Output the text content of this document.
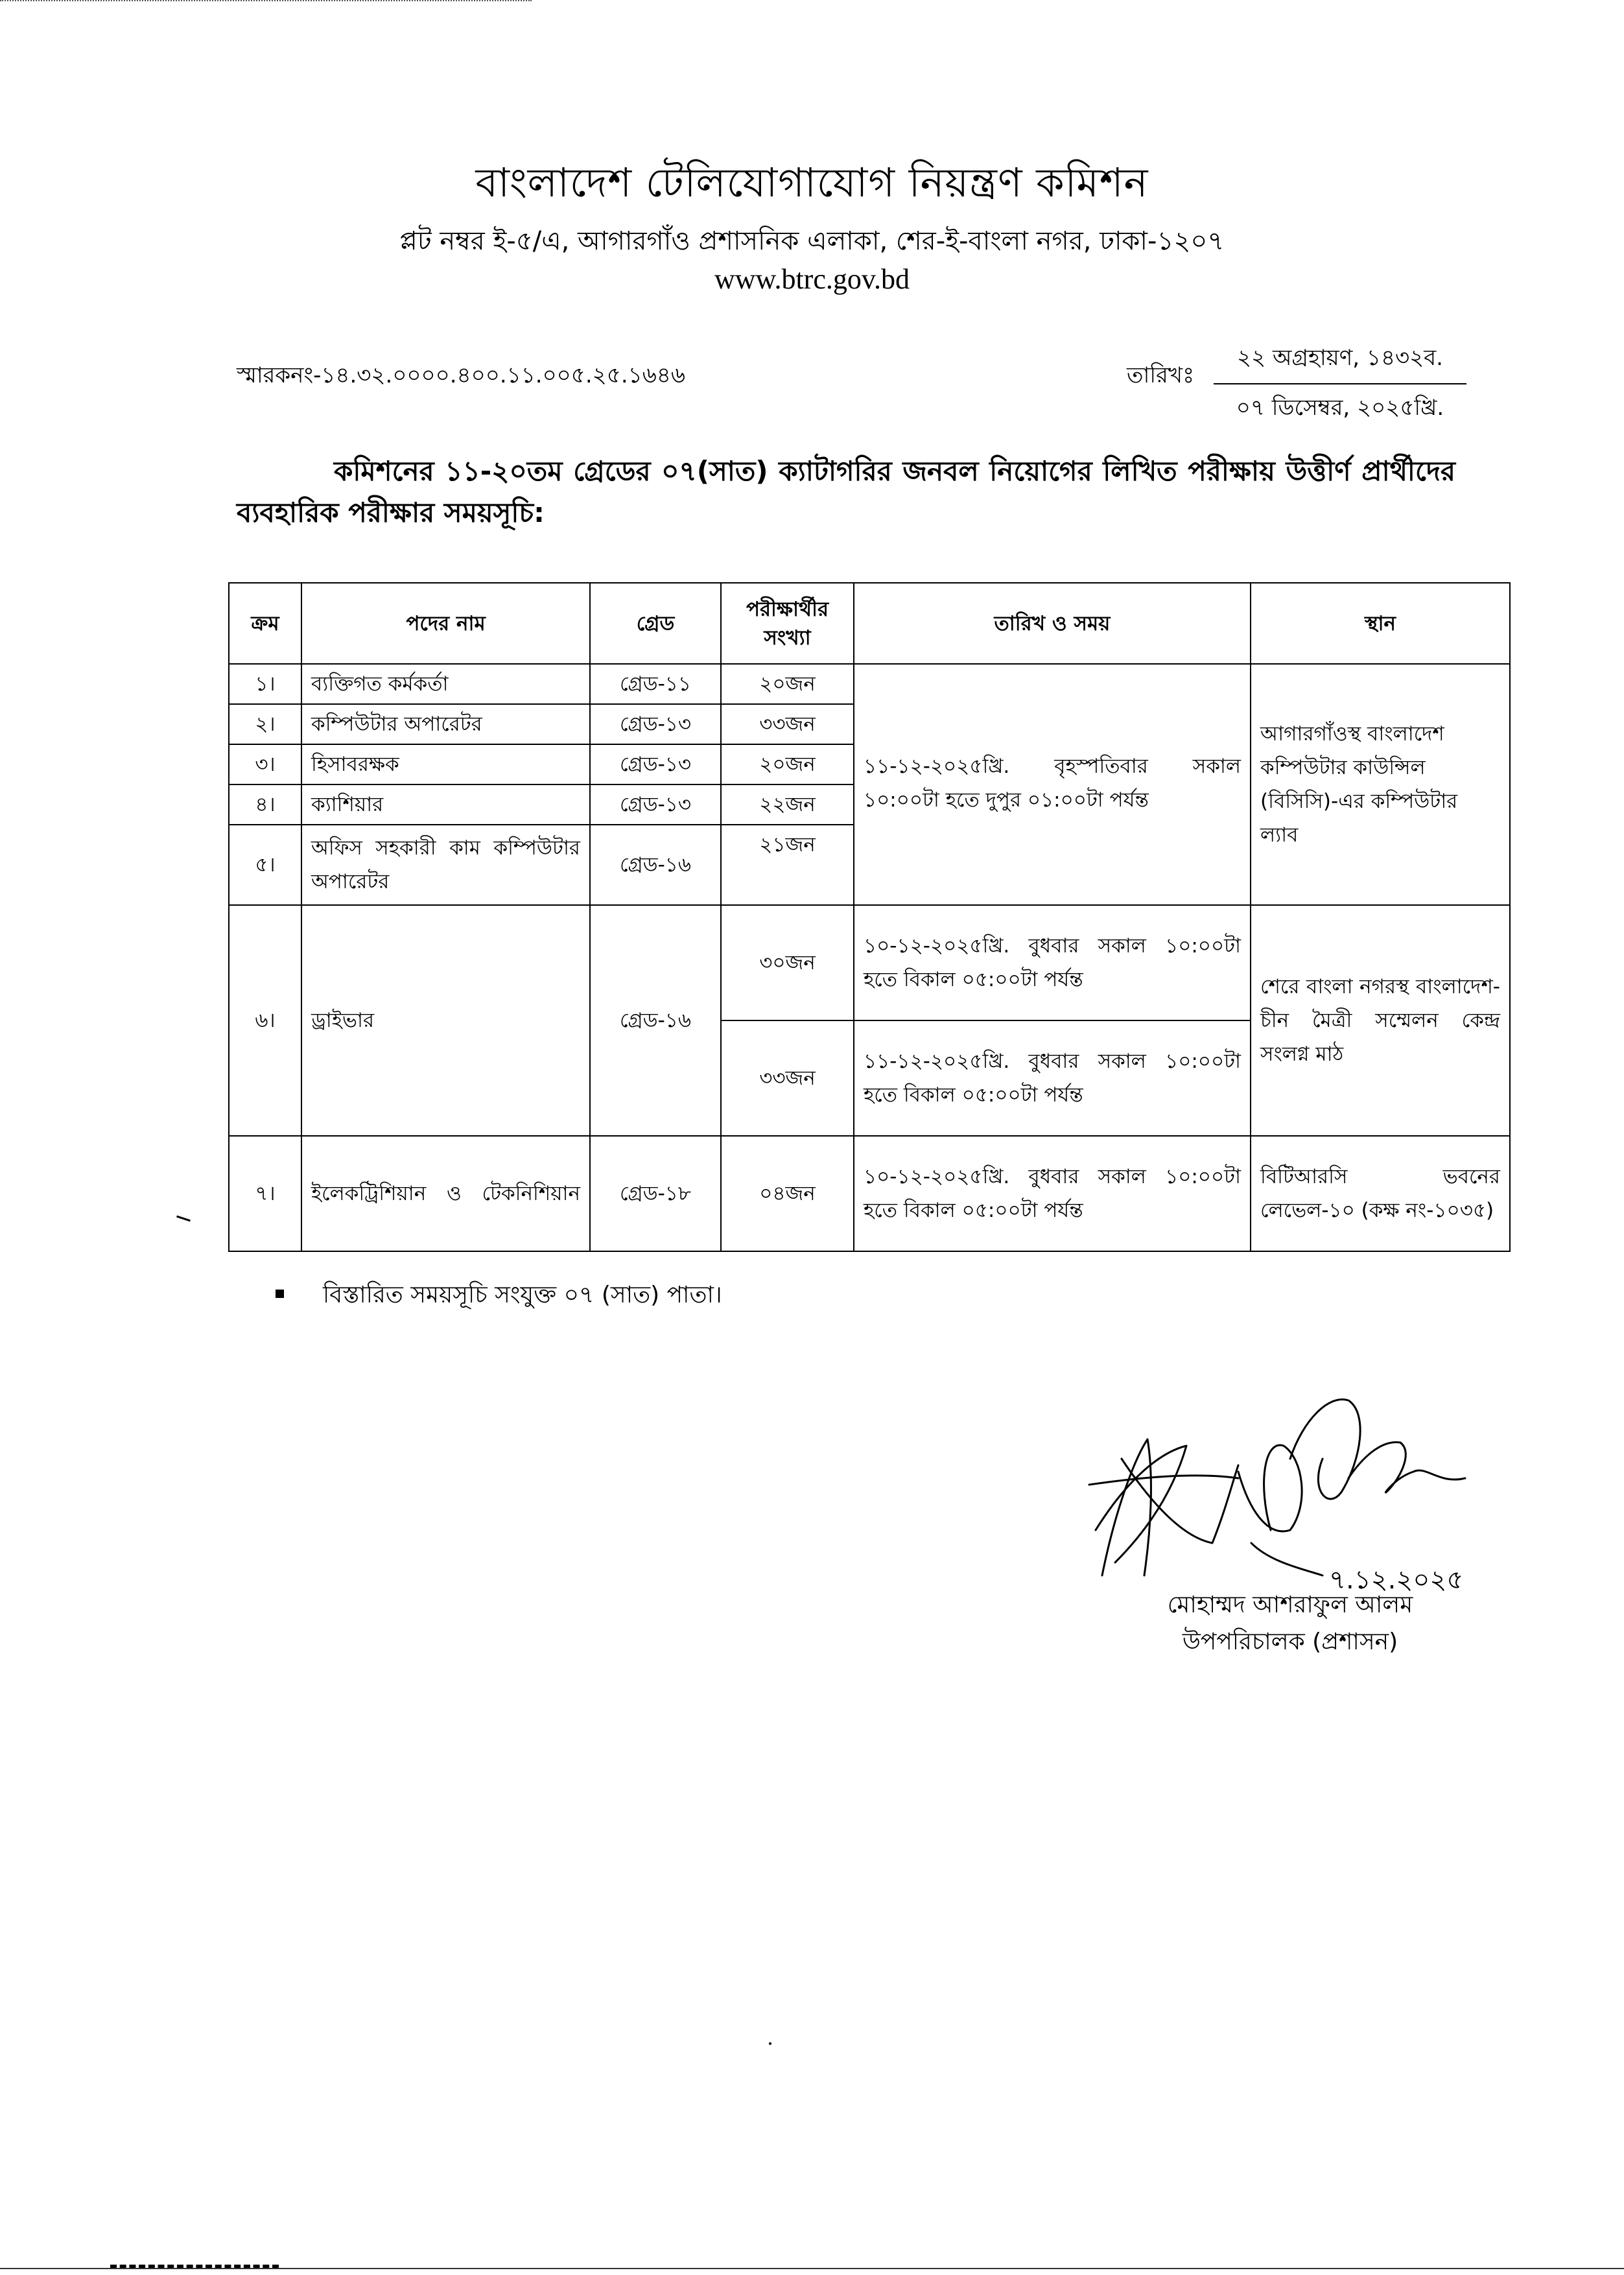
বাংলাদেশ টেলিযোগাযোগ নিয়ন্ত্রণ কমিশন
প্লট নম্বর ই-৫/এ, আগারগাঁও প্রশাসনিক এলাকা, শের-ই-বাংলা নগর, ঢাকা-১২০৭
www.btrc.gov.bd
স্মারকনং-১৪.৩২.০০০০.৪০০.১১.০০৫.২৫.১৬৪৬	তারিখঃ
২২ অগ্রহায়ণ, ১৪৩২ব.
০৭ ডিসেম্বর, ২০২৫খ্রি.
কমিশনের ১১-২০তম গ্রেডের ০৭(সাত) ক্যাটাগরির জনবল নিয়োগের লিখিত পরীক্ষায় উত্তীর্ণ প্রার্থীদের ব্যবহারিক পরীক্ষার সময়সূচি:
ক্রম	পদের নাম	গ্রেড	পরীক্ষার্থীর সংখ্যা	তারিখ ও সময়	স্থান
১।	ব্যক্তিগত কর্মকর্তা	গ্রেড-১১	২০জন	১১-১২-২০২৫খ্রি. বৃহস্পতিবার সকাল ১০:০০টা হতে দুপুর ০১:০০টা পর্যন্ত	আগারগাঁওস্থ বাংলাদেশ কম্পিউটার কাউন্সিল (বিসিসি)-এর কম্পিউটার ল্যাব
২।	কম্পিউটার অপারেটর	গ্রেড-১৩	৩৩জন		
৩।	হিসাবরক্ষক	গ্রেড-১৩	২০জন		
৪।	ক্যাশিয়ার	গ্রেড-১৩	২২জন		
৫।	অফিস সহকারী কাম কম্পিউটার অপারেটর	গ্রেড-১৬	২১জন		
৬।	ড্রাইভার	গ্রেড-১৬	৩০জন	১০-১২-২০২৫খ্রি. বুধবার সকাল ১০:০০টা হতে বিকাল ০৫:০০টা পর্যন্ত	শেরে বাংলা নগরস্থ বাংলাদেশ-চীন মৈত্রী সম্মেলন কেন্দ্র সংলগ্ন মাঠ
			৩৩জন	১১-১২-২০২৫খ্রি. বুধবার সকাল ১০:০০টা হতে বিকাল ০৫:০০টা পর্যন্ত	
৭।	ইলেকট্রিশিয়ান ও টেকনিশিয়ান	গ্রেড-১৮	০৪জন	১০-১২-২০২৫খ্রি. বুধবার সকাল ১০:০০টা হতে বিকাল ০৫:০০টা পর্যন্ত	বিটিআরসি ভবনের লেভেল-১০ (কক্ষ নং-১০৩৫)
বিস্তারিত সময়সূচি সংযুক্ত ০৭ (সাত) পাতা।
৭.১২.২০২৫
মোহাম্মদ আশরাফুল আলম
উপপরিচালক (প্রশাসন)
